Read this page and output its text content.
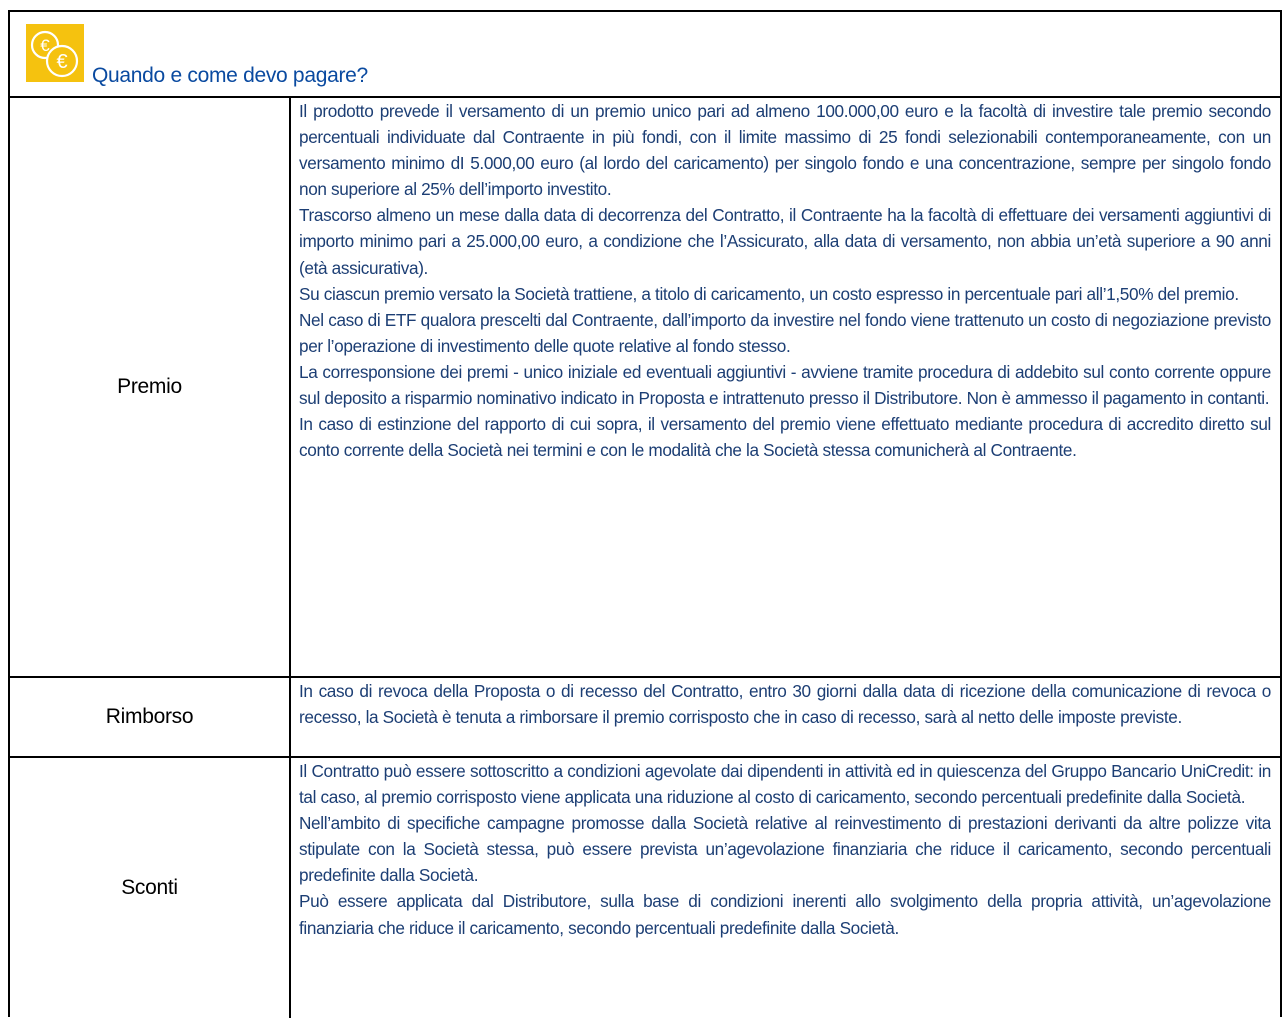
€
€
Quando e come devo pagare?
Premio

Il prodotto prevede il versamento di un premio unico pari ad almeno 100.000,00 euro e la facoltà di investire tale premio secondo percentuali individuate dal Contraente in più fondi, con il limite massimo di 25 fondi selezionabili contemporaneamente, con un versamento minimo dI 5.000,00 euro (al lordo del caricamento) per singolo fondo e una concentrazione, sempre per singolo fondo non superiore al 25% dell’importo investito.

Trascorso almeno un mese dalla data di decorrenza del Contratto, il Contraente ha la facoltà di effettuare dei versamenti aggiuntivi di importo minimo pari a 25.000,00 euro, a condizione che l’Assicurato, alla data di versamento, non abbia un’età superiore a 90 anni (età assicurativa).

Su ciascun premio versato la Società trattiene, a titolo di caricamento, un costo espresso in percentuale pari all’1,50% del premio.

Nel caso di ETF qualora prescelti dal Contraente, dall’importo da investire nel fondo viene trattenuto un costo di negoziazione previsto per l’operazione di investimento delle quote relative al fondo stesso.

La corresponsione dei premi - unico iniziale ed eventuali aggiuntivi - avviene tramite procedura di addebito sul conto corrente oppure sul deposito a risparmio nominativo indicato in Proposta e intrattenuto presso il Distributore. Non è ammesso il pagamento in contanti.

In caso di estinzione del rapporto di cui sopra, il versamento del premio viene effettuato mediante procedura di accredito diretto sul conto corrente della Società nei termini e con le modalità che la Società stessa comunicherà al Contraente.

Rimborso

In caso di revoca della Proposta o di recesso del Contratto, entro 30 giorni dalla data di ricezione della comunicazione di revoca o recesso, la Società è tenuta a rimborsare il premio corrisposto che in caso di recesso, sarà al netto delle imposte previste.

Sconti

Il Contratto può essere sottoscritto a condizioni agevolate dai dipendenti in attività ed in quiescenza del Gruppo Bancario UniCredit: in tal caso, al premio corrisposto viene applicata una riduzione al costo di caricamento, secondo percentuali predefinite dalla Società.

Nell’ambito di specifiche campagne promosse dalla Società relative al reinvestimento di prestazioni derivanti da altre polizze vita stipulate con la Società stessa, può essere prevista un’agevolazione finanziaria che riduce il caricamento, secondo percentuali predefinite dalla Società.

Può essere applicata dal Distributore, sulla base di condizioni inerenti allo svolgimento della propria attività, un’agevolazione finanziaria che riduce il caricamento, secondo percentuali predefinite dalla Società.
